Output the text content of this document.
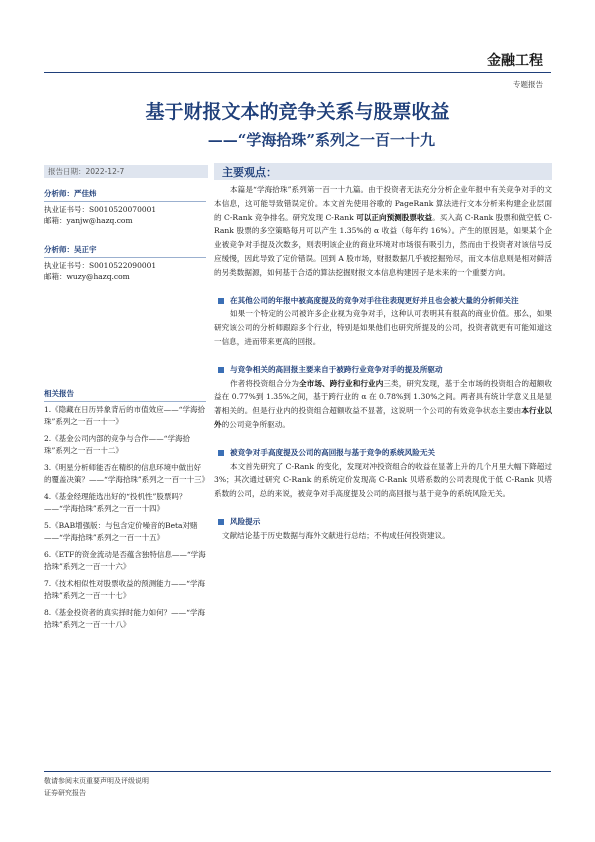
金融工程
专题报告
基于财报文本的竞争关系与股票收益
——“学海拾珠”系列之一百一十九
报告日期：2022-12-7	主要观点：
分析师：严佳炜
执业证书号：S0010520070001
邮箱：yanjw@hazq.com
分析师：吴正宇
执业证书号：S0010522090001
邮箱：wuzy@hazq.com
相关报告
1.《隐藏在日历异象背后的市值效应——“学海拾珠”系列之一百一十一》
2.《基金公司内部的竞争与合作——“学海拾珠”系列之一百一十二》
3.《明星分析师能否在精织的信息环境中做出好的覆盖决策？——“学海拾珠”系列之一百一十三》
4.《基金经理能选出好的“投机性”股票吗？——“学海拾珠”系列之一百一十四》
5.《BAB增强版：与包含定价噪音的Beta对赌——“学海拾珠”系列之一百一十五》
6.《ETF的资金流动是否蕴含独特信息——“学海拾珠”系列之一百一十六》
7.《技术相似性对股票收益的预测能力——“学海拾珠”系列之一百一十七》
8.《基金投资者的真实择时能力如何？——“学海拾珠”系列之一百一十八》

本篇是“学海拾珠”系列第一百一十九篇。由于投资者无法充分分析企业年报中有关竞争对手的文本信息，这可能导致错误定价。本文首先使用谷歌的 PageRank 算法进行文本分析来构建企业层面的 C-Rank 竞争排名。研究发现 C-Rank 可以正向预测股票收益。买入高 C-Rank 股票和做空低 C-Rank 股票的多空策略每月可以产生 1.35%的 α 收益（每年约 16%）。产生的原因是，如果某个企业被竞争对手提及次数多，则表明该企业的商业环境对市场很有吸引力，然而由于投资者对该信号反应缓慢，因此导致了定价错误。回到 A 股市场，财报数据几乎被挖掘殆尽，而文本信息则是相对鲜活的另类数据源，如何基于合适的算法挖掘财报文本信息构建因子是未来的一个重要方向。

在其他公司的年报中被高度提及的竞争对手往往表现更好并且也会被大量的分析师关注

如果一个特定的公司被许多企业视为竞争对手，这种认可表明其有很高的商业价值。那么，如果研究该公司的分析师跟踪多个行业，特别是如果他们也研究所提及的公司，投资者就更有可能知道这一信息，进而带来更高的回报。

与竞争相关的高回报主要来自于被跨行业竞争对手的提及所驱动

作者将投资组合分为全市场、跨行业和行业内三类，研究发现，基于全市场的投资组合的超额收益在 0.77%到 1.35%之间，基于跨行业的 α 在 0.78%到 1.30%之间。两者具有统计学意义且是显著相关的。但是行业内的投资组合超额收益不显著，这说明一个公司的有效竞争状态主要由本行业以外的公司竞争所驱动。

被竞争对手高度提及公司的高回报与基于竞争的系统风险无关

本文首先研究了 C-Rank 的变化，发现对冲投资组合的收益在显著上升的几个月里大幅下降超过 3%；其次通过研究 C-Rank 的系统定价发现高 C-Rank 贝塔系数的公司表现优于低 C-Rank 贝塔系数的公司，总的来说，被竞争对手高度提及公司的高回报与基于竞争的系统风险无关。

风险提示
文献结论基于历史数据与海外文献进行总结；不构成任何投资建议。
敬请参阅末页重要声明及评级说明
证券研究报告
